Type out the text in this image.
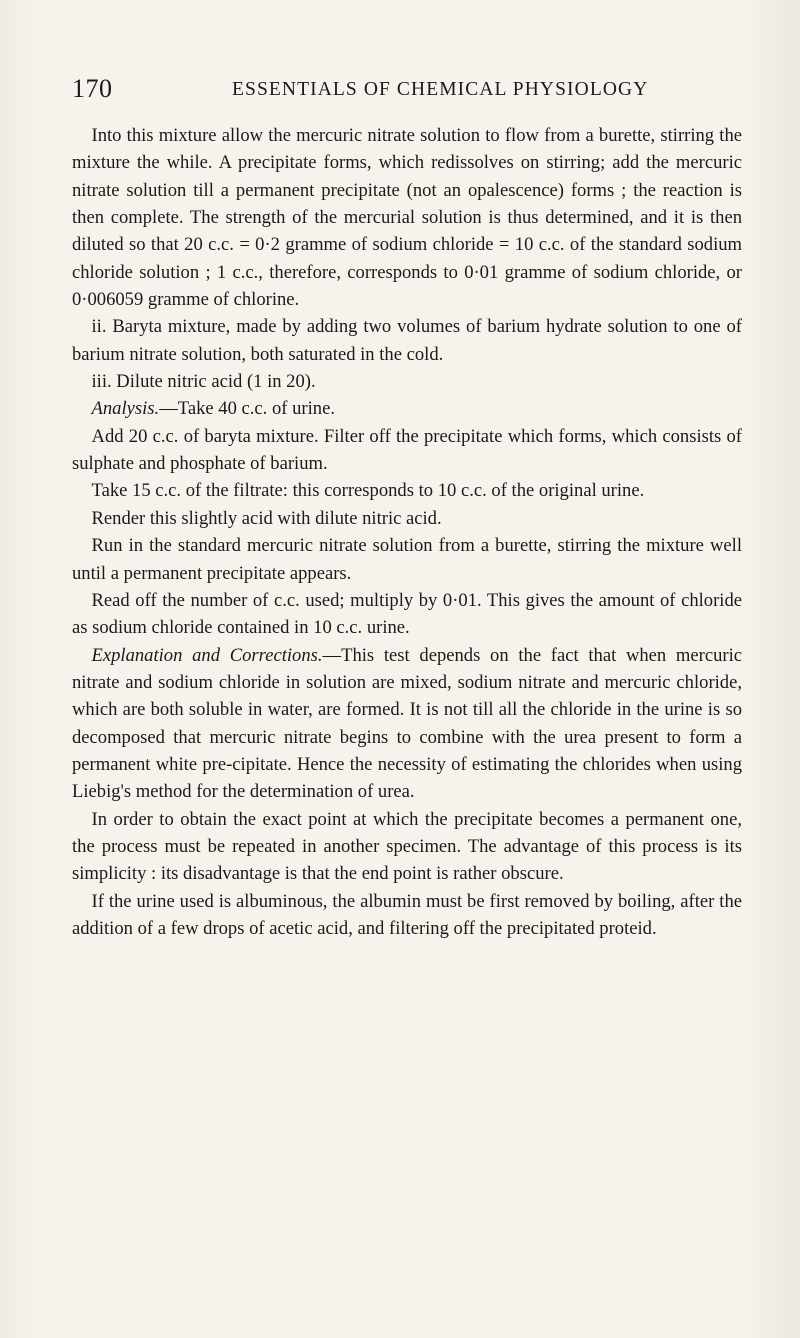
170	ESSENTIALS OF CHEMICAL PHYSIOLOGY

Into this mixture allow the mercuric nitrate solution to flow from a burette, stirring the mixture the while. A precipitate forms, which redissolves on stirring; add the mercuric nitrate solution till a permanent precipitate (not an opalescence) forms ; the reaction is then complete. The strength of the mercurial solution is thus determined, and it is then diluted so that 20 c.c. = 0·2 gramme of sodium chloride = 10 c.c. of the standard sodium chloride solution ; 1 c.c., therefore, corresponds to 0·01 gramme of sodium chloride, or 0·006059 gramme of chlorine.

ii. Baryta mixture, made by adding two volumes of barium hydrate solution to one of barium nitrate solution, both saturated in the cold.

iii. Dilute nitric acid (1 in 20).

Analysis.—Take 40 c.c. of urine.

Add 20 c.c. of baryta mixture. Filter off the precipitate which forms, which consists of sulphate and phosphate of barium.

Take 15 c.c. of the filtrate: this corresponds to 10 c.c. of the original urine.

Render this slightly acid with dilute nitric acid.

Run in the standard mercuric nitrate solution from a burette, stirring the mixture well until a permanent precipitate appears.

Read off the number of c.c. used; multiply by 0·01. This gives the amount of chloride as sodium chloride contained in 10 c.c. urine.

Explanation and Corrections.—This test depends on the fact that when mercuric nitrate and sodium chloride in solution are mixed, sodium nitrate and mercuric chloride, which are both soluble in water, are formed. It is not till all the chloride in the urine is so decomposed that mercuric nitrate begins to combine with the urea present to form a permanent white pre-cipitate. Hence the necessity of estimating the chlorides when using Liebig's method for the determination of urea.

In order to obtain the exact point at which the precipitate becomes a permanent one, the process must be repeated in another specimen. The advantage of this process is its simplicity : its disadvantage is that the end point is rather obscure.

If the urine used is albuminous, the albumin must be first removed by boiling, after the addition of a few drops of acetic acid, and filtering off the precipitated proteid.
